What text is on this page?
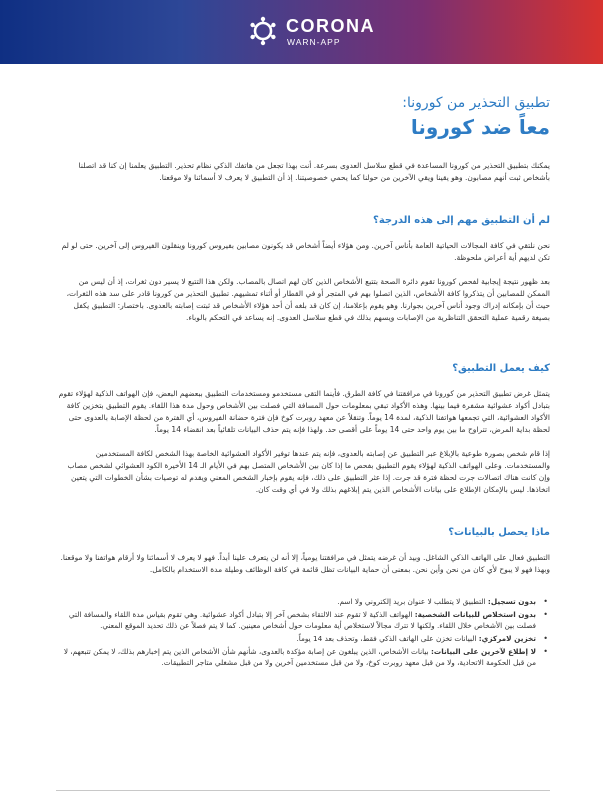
CORONA
WARN-APP
تطبيق التحذير من كورونا:
معاً ضد كورونا

يمكنك بتطبيق التحذير من كورونا المساعدة في قطع سلاسل العدوى بسرعة. أنت بهذا تجعل من هاتفك الذكي نظام تحذير. التطبيق يعلمنا إن كنا قد اتصلنا بأشخاص ثبت أنهم مصابون. وهو يقينا ويقي الآخرين من حولنا كما يحمي خصوصيتنا. إذ أن التطبيق لا يعرف لا أسمائنا ولا موقعنا.

لم أن التطبيق مهم إلى هذه الدرجة؟

نحن نلتقي في كافة المجالات الحياتية العامة بأناس آخرين. ومن هؤلاء أيضاً أشخاص قد يكونون مصابين بفيروس كورونا وينقلون الفيروس إلى آخرين. حتى لو لم تكن لديهم أية أعراض ملحوظة.

بعد ظهور نتيجة إيجابية لفحص كورونا تقوم دائرة الصحة بتتبع الأشخاص الذين كان لهم اتصال بالمصاب. ولكن هذا التتبع لا يسير دون ثغرات، إذ أن ليس من الممكن للمصابين أن يتذكروا كافة الأشخاص، الذين اتصلوا بهم في المتجر أو في القطار أو أثناء تمشيهم. تطبيق التحذير من كورونا قادر على سد هذه الثغرات، حيث أن بإمكانه إدراك وجود أناس آخرين بجوارنا. وهو يقوم بإعلامنا، إن كان قد بلغه أن أحد هؤلاء الأشخاص قد ثبتت إصابته بالعدوى. باختصار: التطبيق يكفل بصيغة رقمية عملية التحقق التناظرية من الإصابات ويسهم بذلك في قطع سلاسل العدوى. إنه يساعد في التحكم بالوباء.

كيف يعمل التطبيق؟

يتمثل غرض تطبيق التحذير من كورونا في مرافقتنا في كافة الطرق. فأينما التقى مستخدمو ومستخدمات التطبيق ببعضهم البعض، فإن الهواتف الذكية لهؤلاء تقوم بتبادل أكواد عشوائية مشفرة فيما بينها. وهذه الأكواد تبقي بمعلومات حول المسافة التي فصلت بين الأشخاص وحول مدة هذا اللقاء. يقوم التطبيق بتخزين كافة الأكواد العشوائية، التي تجمعها هواتفنا الذكية، لمدة 14 يوماً. وتنقلاً عن معهد روبرت كوخ فإن فترة حضانة الفيروس، أي الفترة من لحظة الإصابة بالعدوى حتى لحظة بداية المرض، تتراوح ما بين يوم واحد حتى 14 يوماً على أقصى حد. ولهذا فإنه يتم حذف البيانات تلقائياً بعد انقضاء 14 يوماً.

إذا قام شخص بصورة طوعية بالإبلاغ عبر التطبيق عن إصابته بالعدوى، فإنه يتم عندها توفير الأكواد العشوائية الخاصة بهذا الشخص لكافة المستخدمين والمستخدمات. وعلى الهواتف الذكية لهؤلاء يقوم التطبيق بفحص ما إذا كان بين الأشخاص المتصل بهم في الأيام الـ 14 الأخيرة الكود العشوائي لشخص مصاب وإن كانت هناك اتصالات جرت لحظة فترة قد جرت. إذا عثر التطبيق على ذلك، فإنه يقوم بإخبار الشخص المعني ويقدم له توصيات بشأن الخطوات التي يتعين اتخاذها. ليس بالإمكان الإطلاع على بيانات الأشخاص الذين يتم إبلاغهم بذلك ولا في أي وقت كان.

ماذا يحصل بالبيانات؟

التطبيق فعال على الهاتف الذكي الشاغل. وبيد أن غرضه يتمثل في مرافقتنا يومياً، إلا أنه لن يتعرف علينا أبداً. فهو لا يعرف لا أسمائنا ولا أرقام هواتفنا ولا موقعنا. وبهذا فهو لا يبوح لأي كان من نحن وأين نحن. بمعنى أن حماية البيانات تظل قائمة في كافة الوظائف وطيلة مدة الاستخدام بالكامل.

• بدون تسجيل: التطبيق لا يتطلب لا عنوان بريد إلكتروني ولا اسم.
• بدون استخلاص للبيانات الشخصية: الهواتف الذكية لا تقوم عند الالتقاء بشخص آخر إلا بتبادل أكواد عشوائية. وهي تقوم بقياس مدة اللقاء والمسافة التي فصلت بين الأشخاص خلال اللقاء. ولكنها لا تترك مجالاً لاستخلاص أية معلومات حول أشخاص معينين. كما لا يتم فصلاً عن ذلك تحديد الموقع المعني.
• تخزين لامركزي: البيانات تخزن على الهاتف الذكي فقط، وتحذف بعد 14 يوماً.
• لا إطلاع لآخرين على البيانات: بيانات الأشخاص، الذين يبلغون عن إصابة مؤكدة بالعدوى، شأنهم شأن الأشخاص الذين يتم إخبارهم بذلك، لا يمكن تتبعهم، لا من قبل الحكومة الاتحادية، ولا من قبل معهد روبرت كوخ، ولا من قبل مستخدمين آخرين ولا من قبل مشغلي متاجر التطبيقات.
